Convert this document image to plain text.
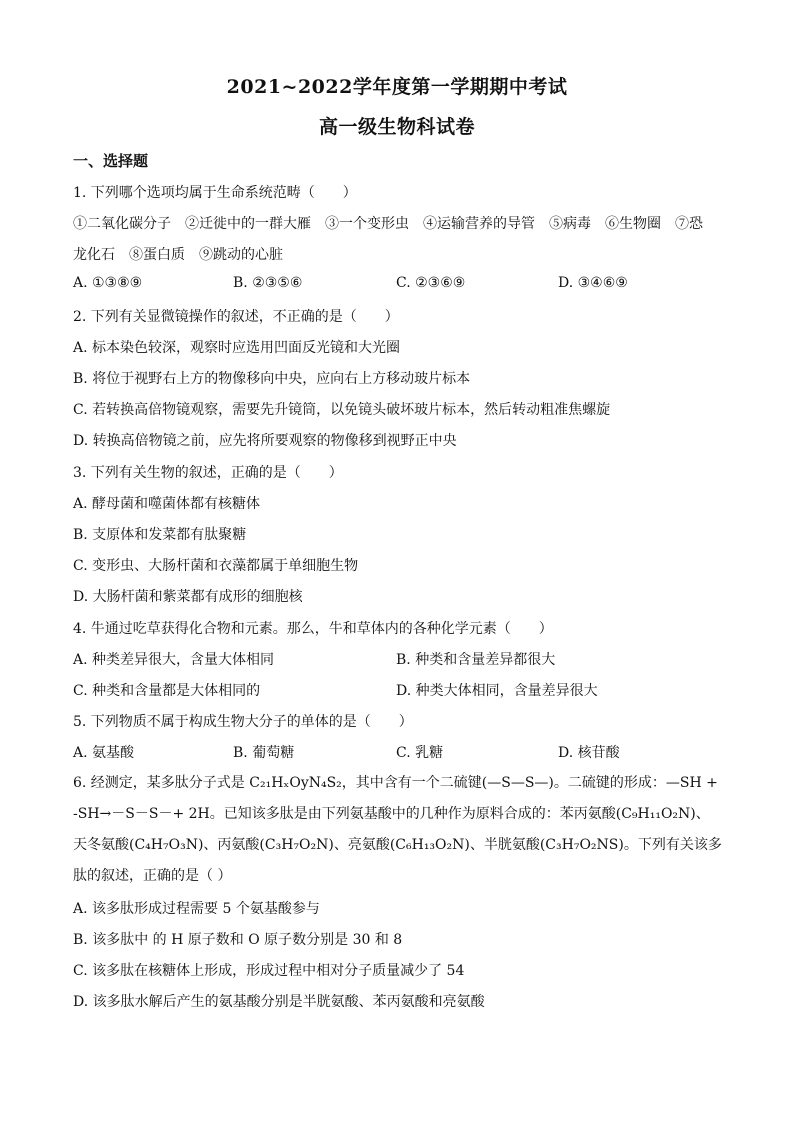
2021~2022学年度第一学期期中考试
高一级生物科试卷
一、选择题
1. 下列哪个选项均属于生命系统范畴（　　）
①二氧化碳分子　②迁徙中的一群大雁　③一个变形虫　④运输营养的导管　⑤病毒　⑥生物圈　⑦恐
龙化石　⑧蛋白质　⑨跳动的心脏
A. ①③⑧⑨	B. ②③⑤⑥	C. ②③⑥⑨	D. ③④⑥⑨
2. 下列有关显微镜操作的叙述，不正确的是（　　）
A. 标本染色较深，观察时应选用凹面反光镜和大光圈
B. 将位于视野右上方的物像移向中央，应向右上方移动玻片标本
C. 若转换高倍物镜观察，需要先升镜筒，以免镜头破坏玻片标本，然后转动粗准焦螺旋
D. 转换高倍物镜之前，应先将所要观察的物像移到视野正中央
3. 下列有关生物的叙述，正确的是（　　）
A. 酵母菌和噬菌体都有核糖体
B. 支原体和发菜都有肽聚糖
C. 变形虫、大肠杆菌和衣藻都属于单细胞生物
D. 大肠杆菌和紫菜都有成形的细胞核
4. 牛通过吃草获得化合物和元素。那么，牛和草体内的各种化学元素（　　）
A. 种类差异很大，含量大体相同	B. 种类和含量差异都很大
C. 种类和含量都是大体相同的	D. 种类大体相同，含量差异很大
5. 下列物质不属于构成生物大分子的单体的是（　　）
A. 氨基酸	B. 葡萄糖	C. 乳糖	D. 核苷酸
6. 经测定，某多肽分子式是 C₂₁HₓOyN₄S₂，其中含有一个二硫键(—S—S—)。二硫键的形成：—SH + -SH→－S－S－+ 2H。已知该多肽是由下列氨基酸中的几种作为原料合成的：苯丙氨酸(C₉H₁₁O₂N)、天冬氨酸(C₄H₇O₃N)、丙氨酸(C₃H₇O₂N)、亮氨酸(C₆H₁₃O₂N)、半胱氨酸(C₃H₇O₂NS)。下列有关该多肽的叙述，正确的是（ ）
A. 该多肽形成过程需要 5 个氨基酸参与
B. 该多肽中 的 H 原子数和 O 原子数分别是 30 和 8
C. 该多肽在核糖体上形成，形成过程中相对分子质量减少了 54
D. 该多肽水解后产生的氨基酸分别是半胱氨酸、苯丙氨酸和亮氨酸
